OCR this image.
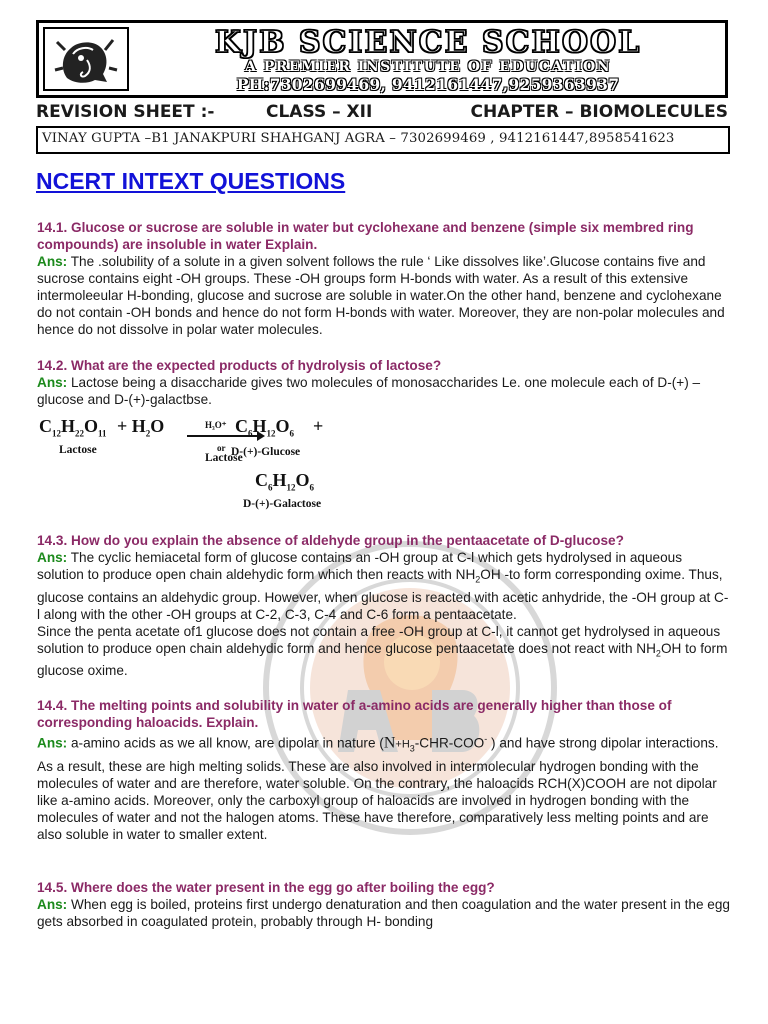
KJB SCIENCE SCHOOL
A PREMIER INSTITUTE OF EDUCATION
PH:7302699469, 9412161447,9259363937
REVISION SHEET :-	CLASS – XII	CHAPTER – BIOMOLECULES
VINAY GUPTA –B1 JANAKPURI SHAHGANJ AGRA – 7302699469 , 9412161447,8958541623
NCERT INTEXT QUESTIONS

14.1. Glucose or sucrose are soluble in water but cyclohexane and benzene (simple six membred ring compounds) are insoluble in water Explain.

Ans: The .solubility of a solute in a given solvent follows the rule ‘ Like dissolves like’.Glucose contains five and sucrose contains eight -OH groups. These -OH groups form H-bonds with water. As a result of this extensive intermoleeular H-bonding, glucose and sucrose are soluble in water.On the other hand, benzene and cyclohexane do not contain -OH bonds and hence do not form H-bonds with water. Moreover, they are non-polar molecules and hence do not dissolve in polar water molecules.

14.2. What are the expected products of hydrolysis of lactose?

Ans: Lactose being a disaccharide gives two molecules of monosaccharides Le. one molecule each of D-(+) – glucose and D-(+)-galactbse.

$C_{12}H_{22}O_{11} + H_2O$	H₃O⁺
or
Lactose
Lactose
$C_6H_{12}O_6$ +
D-(+)-Glucose
$C_6H_{12}O_6$
D-(+)-Galactose

14.3. How do you explain the absence of aldehyde group in the pentaacetate of D-glucose?

Ans: The cyclic hemiacetal form of glucose contains an -OH group at C-l which gets hydrolysed in aqueous solution to produce open chain aldehydic form which then reacts with $NH_2OH$ -to form corresponding oxime. Thus, glucose contains an aldehydic group. However, when glucose is reacted with acetic anhydride, the -OH group at C-l along with the other -OH groups at C-2, C-3, C-4 and C-6 form a pentaacetate.

Since the penta acetate of1 glucose does not contain a free -OH group at C-l, it cannot get hydrolysed in aqueous solution to produce open chain aldehydic form and hence glucose pentaacetate does not react with $NH_2OH$ to form glucose oxime.

14.4. The melting points and solubility in water of a-amino acids are generally higher than those of corresponding haloacids. Explain.

Ans: a-amino acids as we all know, are dipolar in nature ($N+H_3-CHR-COO^-$ ) and have strong dipolar interactions. As a result, these are high melting solids. These are also involved in intermolecular hydrogen bonding with the molecules of water and are therefore, water soluble. On the contrary, the haloacids RCH(X)COOH are not dipolar like a-amino acids. Moreover, only the carboxyl group of haloacids are involved in hydrogen bonding with the molecules of water and not the halogen atoms. These have therefore, comparatively less melting points and are also soluble in water to smaller extent.

14.5. Where does the water present in the egg go after boiling the egg?

Ans: When egg is boiled, proteins first undergo denaturation and then coagulation and the water present in the egg gets absorbed in coagulated protein, probably through H- bonding
